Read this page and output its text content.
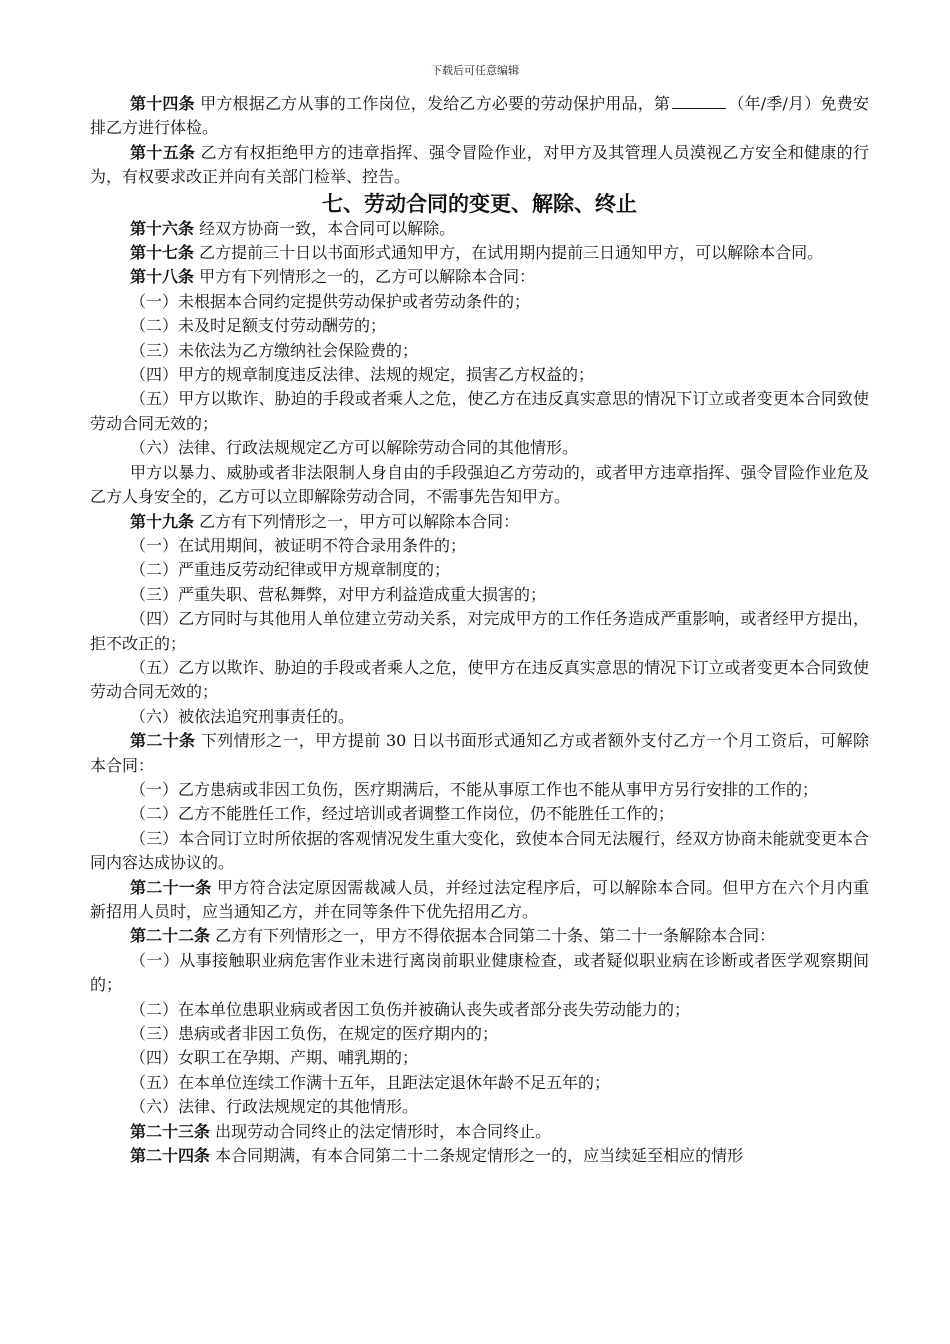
下载后可任意编辑

第十四条 甲方根据乙方从事的工作岗位，发给乙方必要的劳动保护用品，第	（年/季/月）免费安排乙方进行体检。

第十五条 乙方有权拒绝甲方的违章指挥、强令冒险作业，对甲方及其管理人员漠视乙方安全和健康的行为，有权要求改正并向有关部门检举、控告。

七、劳动合同的变更、解除、终止

第十六条 经双方协商一致，本合同可以解除。

第十七条 乙方提前三十日以书面形式通知甲方，在试用期内提前三日通知甲方，可以解除本合同。

第十八条 甲方有下列情形之一的，乙方可以解除本合同：

（一）未根据本合同约定提供劳动保护或者劳动条件的；

（二）未及时足额支付劳动酬劳的；

（三）未依法为乙方缴纳社会保险费的；

（四）甲方的规章制度违反法律、法规的规定，损害乙方权益的；

（五）甲方以欺诈、胁迫的手段或者乘人之危，使乙方在违反真实意思的情况下订立或者变更本合同致使劳动合同无效的；

（六）法律、行政法规规定乙方可以解除劳动合同的其他情形。

甲方以暴力、威胁或者非法限制人身自由的手段强迫乙方劳动的，或者甲方违章指挥、强令冒险作业危及乙方人身安全的，乙方可以立即解除劳动合同，不需事先告知甲方。

第十九条 乙方有下列情形之一，甲方可以解除本合同：

（一）在试用期间，被证明不符合录用条件的；

（二）严重违反劳动纪律或甲方规章制度的；

（三）严重失职、营私舞弊，对甲方利益造成重大损害的；

（四）乙方同时与其他用人单位建立劳动关系，对完成甲方的工作任务造成严重影响，或者经甲方提出，拒不改正的；

（五）乙方以欺诈、胁迫的手段或者乘人之危，使甲方在违反真实意思的情况下订立或者变更本合同致使劳动合同无效的；

（六）被依法追究刑事责任的。

第二十条 下列情形之一，甲方提前 30 日以书面形式通知乙方或者额外支付乙方一个月工资后，可解除本合同：

（一）乙方患病或非因工负伤，医疗期满后，不能从事原工作也不能从事甲方另行安排的工作的；

（二）乙方不能胜任工作，经过培训或者调整工作岗位，仍不能胜任工作的；

（三）本合同订立时所依据的客观情况发生重大变化，致使本合同无法履行，经双方协商未能就变更本合同内容达成协议的。

第二十一条 甲方符合法定原因需裁减人员，并经过法定程序后，可以解除本合同。但甲方在六个月内重新招用人员时，应当通知乙方，并在同等条件下优先招用乙方。

第二十二条 乙方有下列情形之一，甲方不得依据本合同第二十条、第二十一条解除本合同：

（一）从事接触职业病危害作业未进行离岗前职业健康检查，或者疑似职业病在诊断或者医学观察期间的；

（二）在本单位患职业病或者因工负伤并被确认丧失或者部分丧失劳动能力的；

（三）患病或者非因工负伤，在规定的医疗期内的；

（四）女职工在孕期、产期、哺乳期的；

（五）在本单位连续工作满十五年，且距法定退休年龄不足五年的；

（六）法律、行政法规规定的其他情形。

第二十三条 出现劳动合同终止的法定情形时，本合同终止。

第二十四条 本合同期满，有本合同第二十二条规定情形之一的，应当续延至相应的情形
